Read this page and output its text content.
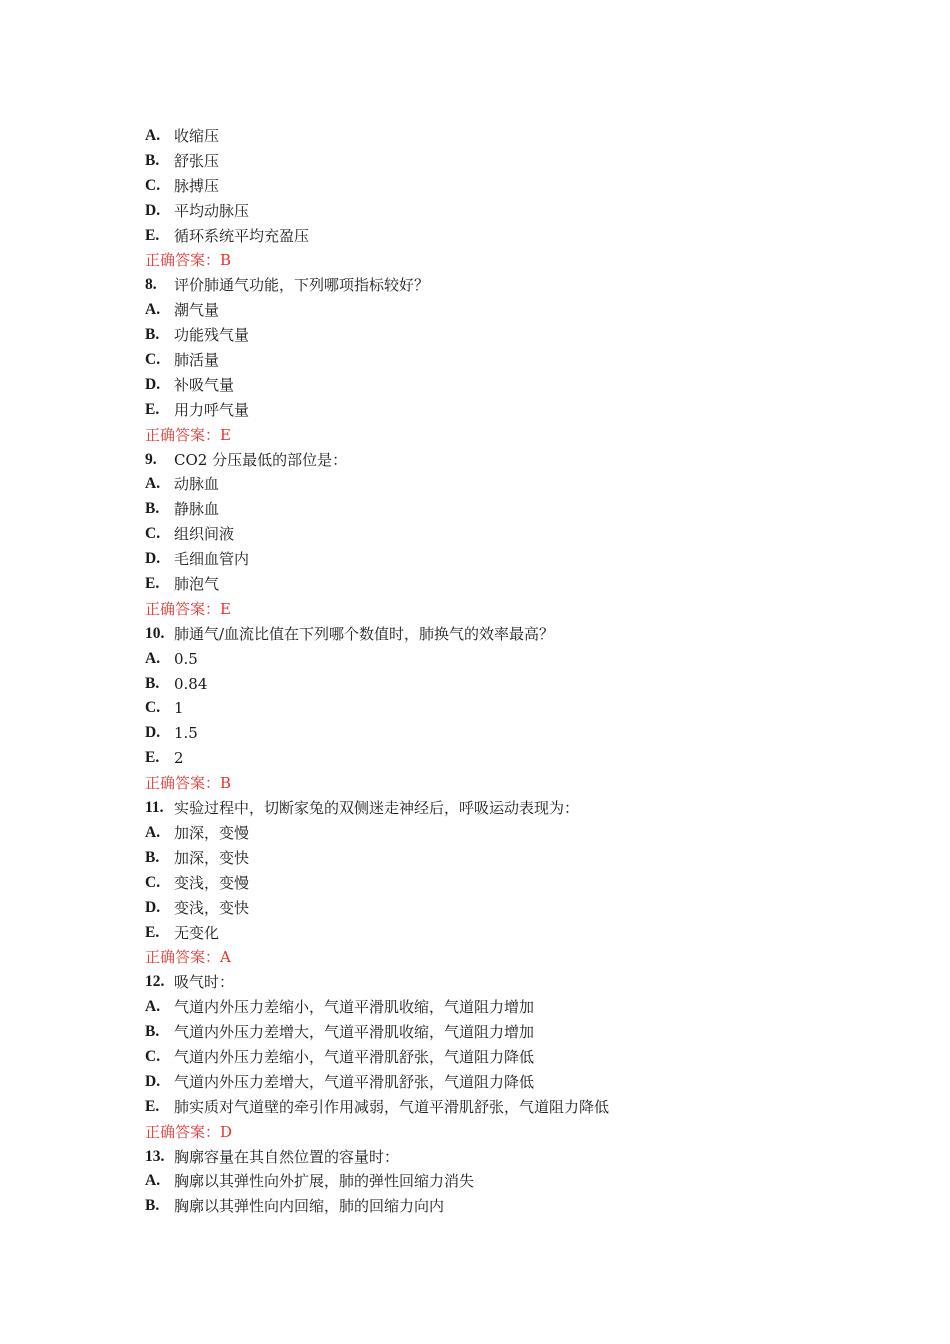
A. 收缩压
B. 舒张压
C. 脉搏压
D. 平均动脉压
E. 循环系统平均充盈压
正确答案： B
8.	评价肺通气功能，下列哪项指标较好？
A. 潮气量
B. 功能残气量
C. 肺活量
D. 补吸气量
E. 用力呼气量
正确答案： E
9.	CO2 分压最低的部位是：
A. 动脉血
B. 静脉血
C. 组织间液
D. 毛细血管内
E. 肺泡气
正确答案： E
10. 肺通气/血流比值在下列哪个数值时，肺换气的效率最高？
A. 0.5
B. 0.84
C. 1
D. 1.5
E. 2
正确答案： B
11. 实验过程中，切断家兔的双侧迷走神经后，呼吸运动表现为：
A. 加深，变慢
B. 加深，变快
C. 变浅，变慢
D. 变浅，变快
E. 无变化
正确答案： A
12. 吸气时：
A. 气道内外压力差缩小，气道平滑肌收缩，气道阻力增加
B. 气道内外压力差增大，气道平滑肌收缩，气道阻力增加
C. 气道内外压力差缩小，气道平滑肌舒张，气道阻力降低
D. 气道内外压力差增大，气道平滑肌舒张，气道阻力降低
E. 肺实质对气道壁的牵引作用减弱，气道平滑肌舒张，气道阻力降低
正确答案： D
13. 胸廓容量在其自然位置的容量时：
A. 胸廓以其弹性向外扩展，肺的弹性回缩力消失
B. 胸廓以其弹性向内回缩，肺的回缩力向内
